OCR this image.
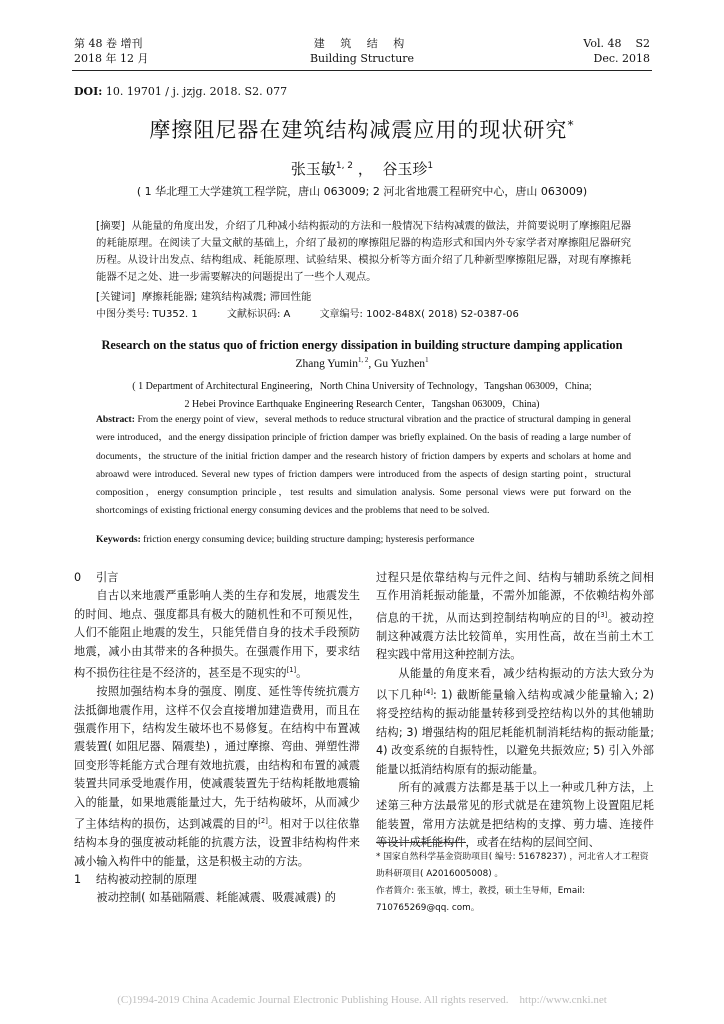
第 48 卷 增刊
2018 年 12 月
建 筑 结 构
Building Structure
Vol. 48    S2
Dec. 2018
DOI: 10. 19701 / j. jzjg. 2018. S2. 077
摩擦阻尼器在建筑结构减震应用的现状研究*
张玉敏$^{1, 2}$ ， 谷玉珍$^1$
( 1 华北理工大学建筑工程学院，唐山 063009; 2 河北省地震工程研究中心，唐山 063009)
[摘要] 从能量的角度出发，介绍了几种减小结构振动的方法和一般情况下结构减震的做法，并简要说明了摩擦阻尼器的耗能原理。在阅读了大量文献的基础上，介绍了最初的摩擦阻尼器的构造形式和国内外专家学者对摩擦阻尼器研究历程。从设计出发点、结构组成、耗能原理、试验结果、模拟分析等方面介绍了几种新型摩擦阻尼器，对现有摩擦耗能器不足之处、进一步需要解决的问题提出了一些个人观点。
[关键词] 摩擦耗能器; 建筑结构减震; 滞回性能
中图分类号: TU352. 1	文献标识码: A	文章编号: 1002-848X( 2018) S2-0387-06
Research on the status quo of friction energy dissipation in building structure damping application
Zhang Yumin$^{1, 2}$, Gu Yuzhen$^1$
( 1 Department of Architectural Engineering，North China University of Technology，Tangshan 063009，China;
2 Hebei Province Earthquake Engineering Research Center，Tangshan 063009，China)
Abstract: From the energy point of view，several methods to reduce structural vibration and the practice of structural damping in general were introduced，and the energy dissipation principle of friction damper was briefly explained. On the basis of reading a large number of documents，the structure of the initial friction damper and the research history of friction dampers by experts and scholars at home and abroawd were introduced. Several new types of friction dampers were introduced from the aspects of design starting point，structural composition，energy consumption principle，test results and simulation analysis. Some personal views were put forward on the shortcomings of existing frictional energy consuming devices and the problems that need to be solved.
Keywords: friction energy consuming device; building structure damping; hysteresis performance

0 引言

自古以来地震严重影响人类的生存和发展，地震发生的时间、地点、强度都具有极大的随机性和不可预见性，人们不能阻止地震的发生，只能凭借自身的技术手段预防地震，减小由其带来的各种损失。在强震作用下，要求结构不损伤往往是不经济的，甚至是不现实的[1]。

按照加强结构本身的强度、刚度、延性等传统抗震方法抵御地震作用，这样不仅会直接增加建造费用，而且在强震作用下，结构发生破坏也不易修复。在结构中布置减震装置( 如阻尼器、隔震垫) ，通过摩擦、弯曲、弹塑性滞回变形等耗能方式合理有效地抗震，由结构和布置的减震装置共同承受地震作用，使减震装置先于结构耗散地震输入的能量，如果地震能量过大，先于结构破坏，从而减少了主体结构的损伤，达到减震的目的[2]。相对于以往依靠结构本身的强度被动耗能的抗震方法，设置非结构构件来减小输入构件中的能量，这是积极主动的方法。

1 结构被动控制的原理

被动控制( 如基础隔震、耗能减震、吸震减震) 的

过程只是依靠结构与元件之间、结构与辅助系统之间相互作用消耗振动能量，不需外加能源，不依赖结构外部信息的干扰，从而达到控制结构响应的目的[3]。被动控制这种减震方法比较简单，实用性高，故在当前土木工程实践中常用这种控制方法。

从能量的角度来看，减少结构振动的方法大致分为以下几种[4]: 1) 截断能量输入结构或减少能量输入; 2) 将受控结构的振动能量转移到受控结构以外的其他辅助结构; 3) 增强结构的阻尼耗能机制消耗结构的振动能量; 4) 改变系统的自振特性，以避免共振效应; 5) 引入外部能量以抵消结构原有的振动能量。

所有的减震方法都是基于以上一种或几种方法，上述第三种方法最常见的形式就是在建筑物上设置阻尼耗能装置，常用方法就是把结构的支撑、剪力墙、连接件等设计成耗能构件，或者在结构的层间空间、

* 国家自然科学基金资助项目( 编号: 51678237) ，河北省人才工程资助科研项目( A2016005008) 。
作者简介: 张玉敏，博士，教授，硕士生导师，Email: 710765269@qq. com。
(C)1994-2019 China Academic Journal Electronic Publishing House. All rights reserved.    http://www.cnki.net
